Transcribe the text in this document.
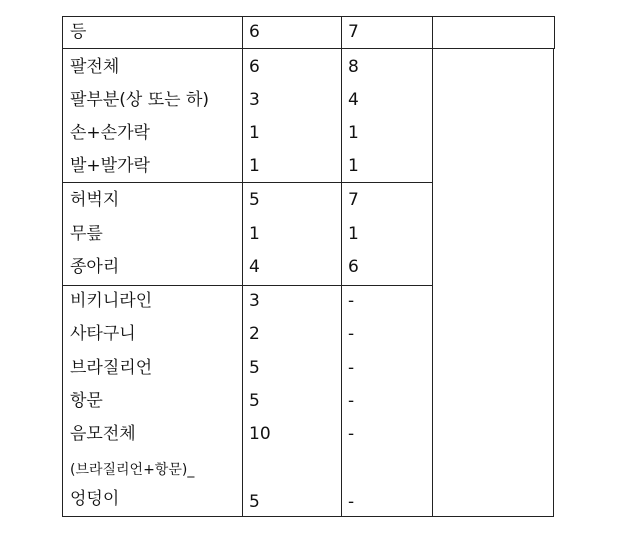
등	6	7
팔전체	6	8
팔부분(상 또는 하) 3	4
손+손가락	1	1
발+발가락	1	1
허벅지	5	7
무릎	1	1
종아리	4	6
비키니라인	3	-
사타구니	2	-
브라질리언	5	-
항문	5	-
음모전체	10	-
(브라질리언+항문)_
엉덩이	5	-
